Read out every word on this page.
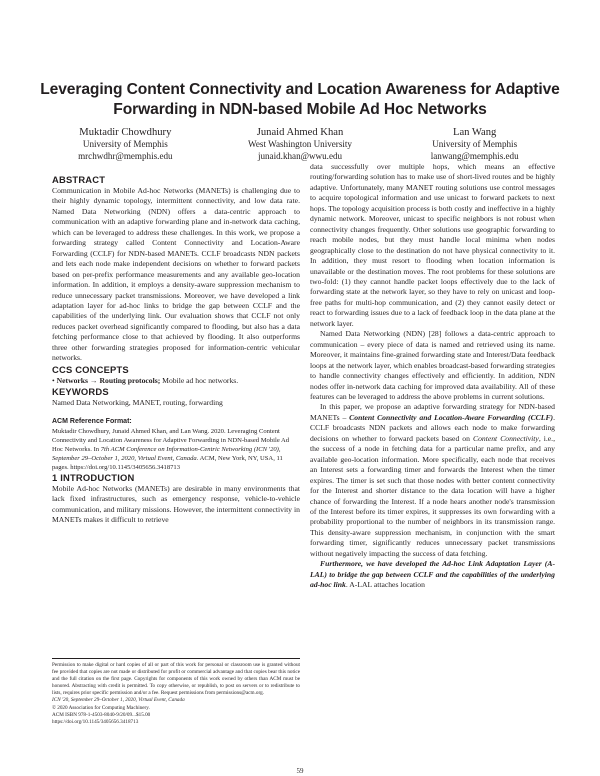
Leveraging Content Connectivity and Location Awareness for Adaptive Forwarding in NDN-based Mobile Ad Hoc Networks
Muktadir Chowdhury
University of Memphis
mrchwdhr@memphis.edu
Junaid Ahmed Khan
West Washington University
junaid.khan@wwu.edu
Lan Wang
University of Memphis
lanwang@memphis.edu
ABSTRACT

Communication in Mobile Ad-hoc Networks (MANETs) is challenging due to their highly dynamic topology, intermittent connectivity, and low data rate. Named Data Networking (NDN) offers a data-centric approach to communication with an adaptive forwarding plane and in-network data caching, which can be leveraged to address these challenges. In this work, we propose a forwarding strategy called Content Connectivity and Location-Aware Forwarding (CCLF) for NDN-based MANETs. CCLF broadcasts NDN packets and lets each node make independent decisions on whether to forward packets based on per-prefix performance measurements and any available geo-location information. In addition, it employs a density-aware suppression mechanism to reduce unnecessary packet transmissions. Moreover, we have developed a link adaptation layer for ad-hoc links to bridge the gap between CCLF and the capabilities of the underlying link. Our evaluation shows that CCLF not only reduces packet overhead significantly compared to flooding, but also has a data fetching performance close to that achieved by flooding. It also outperforms three other forwarding strategies proposed for information-centric vehicular networks.

CCS CONCEPTS

• Networks → Routing protocols; Mobile ad hoc networks.

KEYWORDS

Named Data Networking, MANET, routing, forwarding

ACM Reference Format:

Muktadir Chowdhury, Junaid Ahmed Khan, and Lan Wang. 2020. Leveraging Content Connectivity and Location Awareness for Adaptive Forwarding in NDN-based Mobile Ad Hoc Networks. In 7th ACM Conference on Information-Centric Networking (ICN '20), September 29–October 1, 2020, Virtual Event, Canada. ACM, New York, NY, USA, 11 pages. https://doi.org/10.1145/3405656.3418713

1 INTRODUCTION

Mobile Ad-hoc Networks (MANETs) are desirable in many environments that lack fixed infrastructures, such as emergency response, vehicle-to-vehicle communication, and military missions. However, the intermittent connectivity in MANETs makes it difficult to retrieve

Permission to make digital or hard copies of all or part of this work for personal or classroom use is granted without fee provided that copies are not made or distributed for profit or commercial advantage and that copies bear this notice and the full citation on the first page. Copyrights for components of this work owned by others than ACM must be honored. Abstracting with credit is permitted. To copy otherwise, or republish, to post on servers or to redistribute to lists, requires prior specific permission and/or a fee. Request permissions from permissions@acm.org.

ICN '20, September 29–October 1, 2020, Virtual Event, Canada

© 2020 Association for Computing Machinery.

ACM ISBN 978-1-4503-8040-9/20/09...$15.00

https://doi.org/10.1145/3405656.3418713

data successfully over multiple hops, which means an effective routing/forwarding solution has to make use of short-lived routes and be highly adaptive. Unfortunately, many MANET routing solutions use control messages to acquire topological information and use unicast to forward packets to next hops. The topology acquisition process is both costly and ineffective in a highly dynamic network. Moreover, unicast to specific neighbors is not robust when connectivity changes frequently. Other solutions use geographic forwarding to reach mobile nodes, but they must handle local minima when nodes geographically close to the destination do not have physical connectivity to it. In addition, they must resort to flooding when location information is unavailable or the destination moves. The root problems for these solutions are two-fold: (1) they cannot handle packet loops effectively due to the lack of forwarding state at the network layer, so they have to rely on unicast and loop-free paths for multi-hop communication, and (2) they cannot easily detect or react to forwarding issues due to a lack of feedback loop in the data plane at the network layer.

Named Data Networking (NDN) [28] follows a data-centric approach to communication – every piece of data is named and retrieved using its name. Moreover, it maintains fine-grained forwarding state and Interest/Data feedback loops at the network layer, which enables broadcast-based forwarding strategies to handle connectivity changes effectively and efficiently. In addition, NDN nodes offer in-network data caching for improved data availability. All of these features can be leveraged to address the above problems in current solutions.

In this paper, we propose an adaptive forwarding strategy for NDN-based MANETs – Content Connectivity and Location-Aware Forwarding (CCLF). CCLF broadcasts NDN packets and allows each node to make forwarding decisions on whether to forward packets based on Content Connectivity, i.e., the success of a node in fetching data for a particular name prefix, and any available geo-location information. More specifically, each node that receives an Interest sets a forwarding timer and forwards the Interest when the timer expires. The timer is set such that those nodes with better content connectivity for the Interest and shorter distance to the data location will have a higher chance of forwarding the Interest. If a node hears another node's transmission of the Interest before its timer expires, it suppresses its own forwarding with a probability proportional to the number of neighbors in its transmission range. This density-aware suppression mechanism, in conjunction with the smart forwarding timer, significantly reduces unnecessary packet transmissions without negatively impacting the success of data fetching.

Furthermore, we have developed the Ad-hoc Link Adaptation Layer (A-LAL) to bridge the gap between CCLF and the capabilities of the underlying ad-hoc link. A-LAL attaches location

59
